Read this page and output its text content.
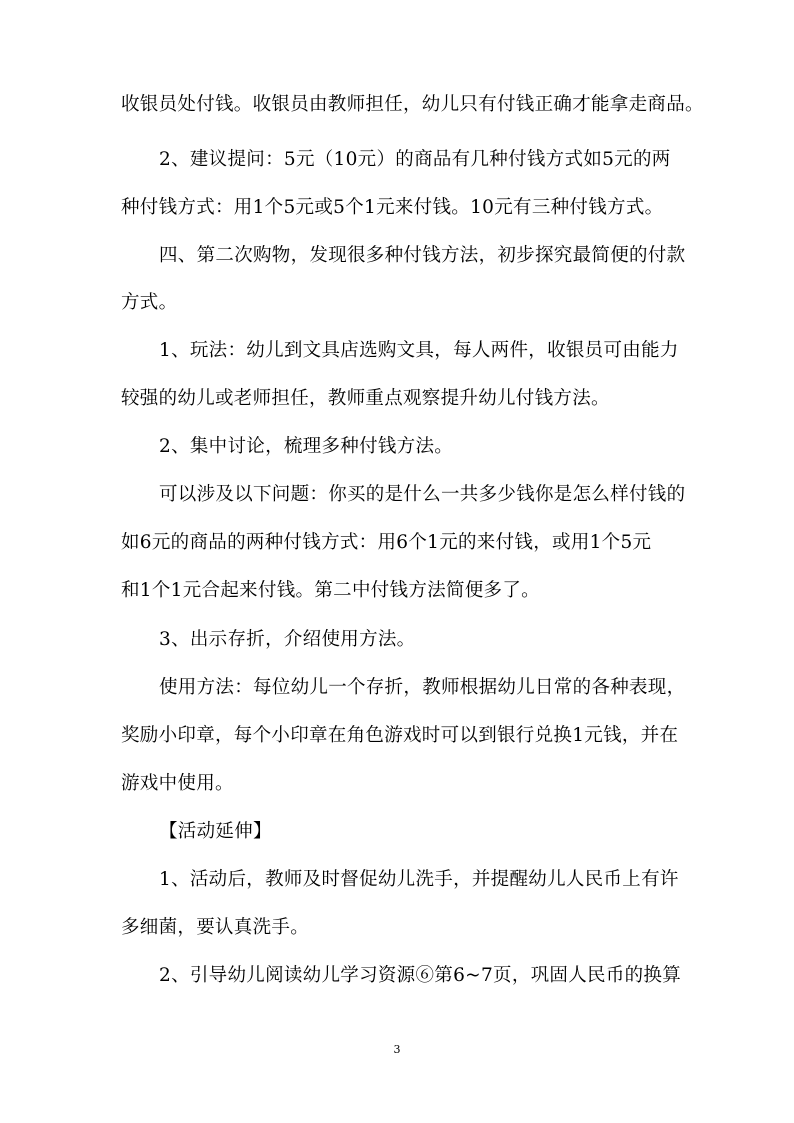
收银员处付钱。收银员由教师担任，幼儿只有付钱正确才能拿走商品。
2、建议提问：5元（10元）的商品有几种付钱方式如5元的两
种付钱方式：用1个5元或5个1元来付钱。10元有三种付钱方式。
四、第二次购物，发现很多种付钱方法，初步探究最简便的付款
方式。
1、玩法：幼儿到文具店选购文具，每人两件，收银员可由能力
较强的幼儿或老师担任，教师重点观察提升幼儿付钱方法。
2、集中讨论，梳理多种付钱方法。
可以涉及以下问题：你买的是什么一共多少钱你是怎么样付钱的
如6元的商品的两种付钱方式：用6个1元的来付钱，或用1个5元
和1个1元合起来付钱。第二中付钱方法简便多了。
3、出示存折，介绍使用方法。
使用方法：每位幼儿一个存折，教师根据幼儿日常的各种表现，
奖励小印章，每个小印章在角色游戏时可以到银行兑换1元钱，并在
游戏中使用。
【活动延伸】
1、活动后，教师及时督促幼儿洗手，并提醒幼儿人民币上有许
多细菌，要认真洗手。
2、引导幼儿阅读幼儿学习资源⑥第6~7页，巩固人民币的换算
3
